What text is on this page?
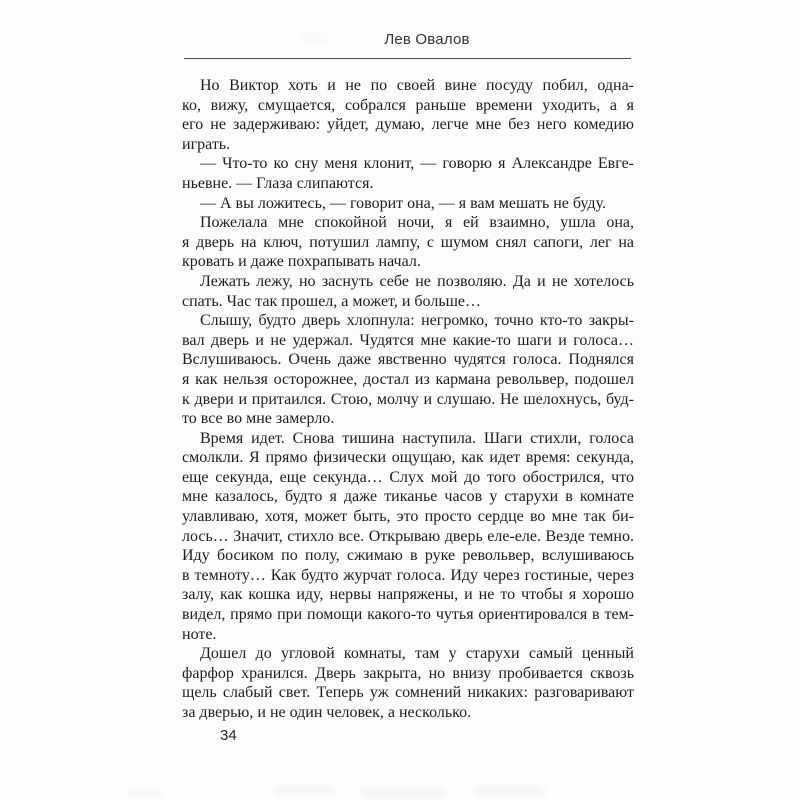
Лев Овалов
Но Виктор хоть и не по своей вине посуду побил, одна-
ко, вижу, смущается, собрался раньше времени уходить, а я
его не задерживаю: уйдет, думаю, легче мне без него комедию
играть.
— Что-то ко сну меня клонит, — говорю я Александре Евге-
ньевне. — Глаза слипаются.
— А вы ложитесь, — говорит она, — я вам мешать не буду.
Пожелала мне спокойной ночи, я ей взаимно, ушла она,
я дверь на ключ, потушил лампу, с шумом снял сапоги, лег на
кровать и даже похрапывать начал.
Лежать лежу, но заснуть себе не позволяю. Да и не хотелось
спать. Час так прошел, а может, и больше…
Слышу, будто дверь хлопнула: негромко, точно кто-то закры-
вал дверь и не удержал. Чудятся мне какие-то шаги и голоса…
Вслушиваюсь. Очень даже явственно чудятся голоса. Поднялся
я как нельзя осторожнее, достал из кармана револьвер, подошел
к двери и притаился. Стою, молчу и слушаю. Не шелохнусь, буд-
то все во мне замерло.
Время идет. Снова тишина наступила. Шаги стихли, голоса
смолкли. Я прямо физически ощущаю, как идет время: секунда,
еще секунда, еще секунда… Слух мой до того обострился, что
мне казалось, будто я даже тиканье часов у старухи в комнате
улавливаю, хотя, может быть, это просто сердце во мне так би-
лось… Значит, стихло все. Открываю дверь еле-еле. Везде темно.
Иду босиком по полу, сжимаю в руке револьвер, вслушиваюсь
в темноту… Как будто журчат голоса. Иду через гостиные, через
залу, как кошка иду, нервы напряжены, и не то чтобы я хорошо
видел, прямо при помощи какого-то чутья ориентировался в тем-
ноте.
Дошел до угловой комнаты, там у старухи самый ценный
фарфор хранился. Дверь закрыта, но внизу пробивается сквозь
щель слабый свет. Теперь уж сомнений никаких: разговаривают
за дверью, и не один человек, а несколько.
34
